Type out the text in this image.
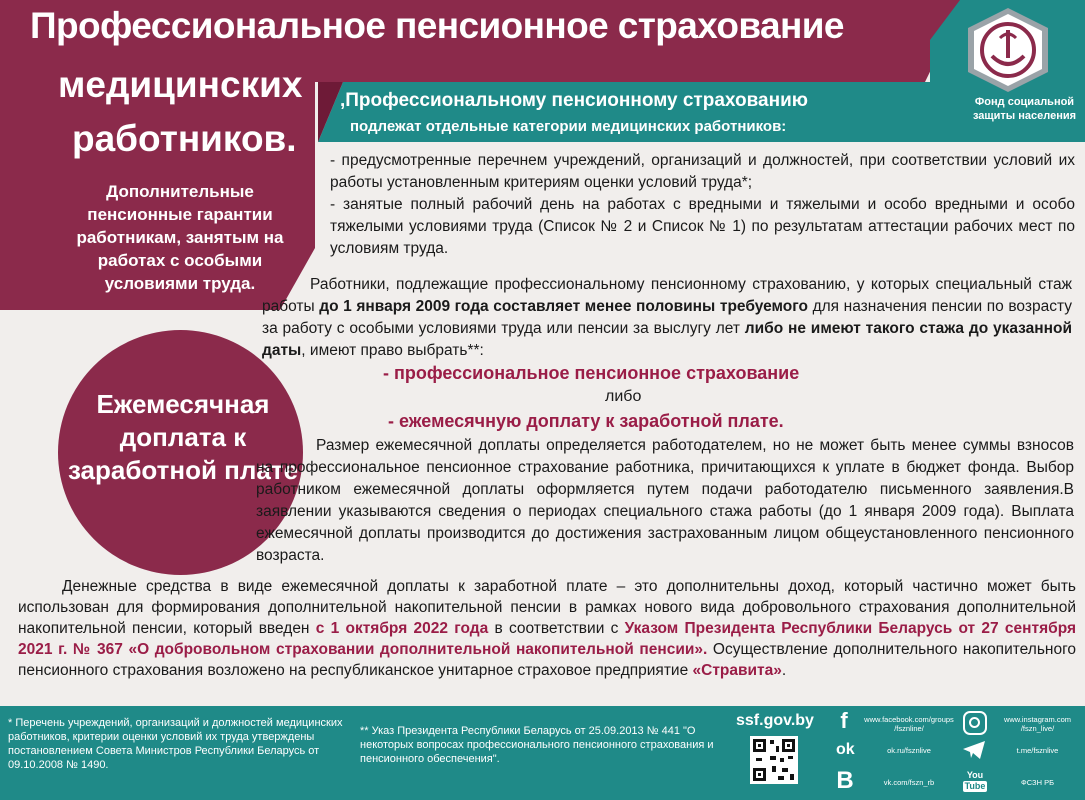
Профессиональное пенсионное страхование
медицинских
работников.
Дополнительные пенсионные гарантии работникам, занятым на работах с особыми условиями труда.
,Профессиональному пенсионному страхованию
подлежат отдельные категории медицинских работников:
Фонд социальной защиты населения

- предусмотренные перечнем учреждений, организаций и должностей, при соответствии условий их работы установленным критериям оценки условий труда*;

- занятые полный рабочий день на работах с вредными и тяжелыми и особо вредными и особо тяжелыми условиями труда (Список № 2 и Список № 1) по результатам аттестации рабочих мест по условиям труда.

Работники, подлежащие профессиональному пенсионному страхованию, у которых специальный стаж работы до 1 января 2009 года составляет менее половины требуемого для назначения пенсии по возрасту за работу с особыми условиями труда или пенсии за выслугу лет либо не имеют такого стажа до указанной даты, имеют право выбрать**:
- профессиональное пенсионное страхование
либо
- ежемесячную доплату к заработной плате.
Ежемесячная доплата к заработной плате
Размер ежемесячной доплаты определяется работодателем, но не может быть менее суммы взносов на профессиональное пенсионное страхование работника, причитающихся к уплате в бюджет фонда. Выбор работником ежемесячной доплаты оформляется путем подачи работодателю письменного заявления.В заявлении указываются сведения о периодах специального стажа работы (до 1 января 2009 года). Выплата ежемесячной доплаты производится до достижения застрахованным лицом общеустановленного пенсионного возраста.
Денежные средства в виде ежемесячной доплаты к заработной плате – это дополнительны доход, который частично может быть использован для формирования дополнительной накопительной пенсии в рамках нового вида добровольного страхования дополнительной накопительной пенсии, который введен с 1 октября 2022 года в соответствии с Указом Президента Республики Беларусь от 27 сентября 2021 г. № 367 «О добровольном страховании дополнительной накопительной пенсии». Осуществление дополнительного накопительного пенсионного страхования возложено на республиканское унитарное страховое предприятие «Стравита».
* Перечень учреждений, организаций и должностей медицинских работников, критерии оценки условий их труда утверждены постановлением Совета Министров Республики Беларусь от 09.10.2008 № 1490.
** Указ Президента Республики Беларусь от 25.09.2013 № 441 "О некоторых вопросах профессионального пенсионного страхования и пенсионного обеспечения".
ssf.gov.by f	www.facebook.com/groups /fsznline/
www.instagram.com /fszn_live/
ok	ok.ru/fsznlive	t.me/fsznlive
В	vk.com/fszn_rb
You
Tube	ФСЗН РБ
